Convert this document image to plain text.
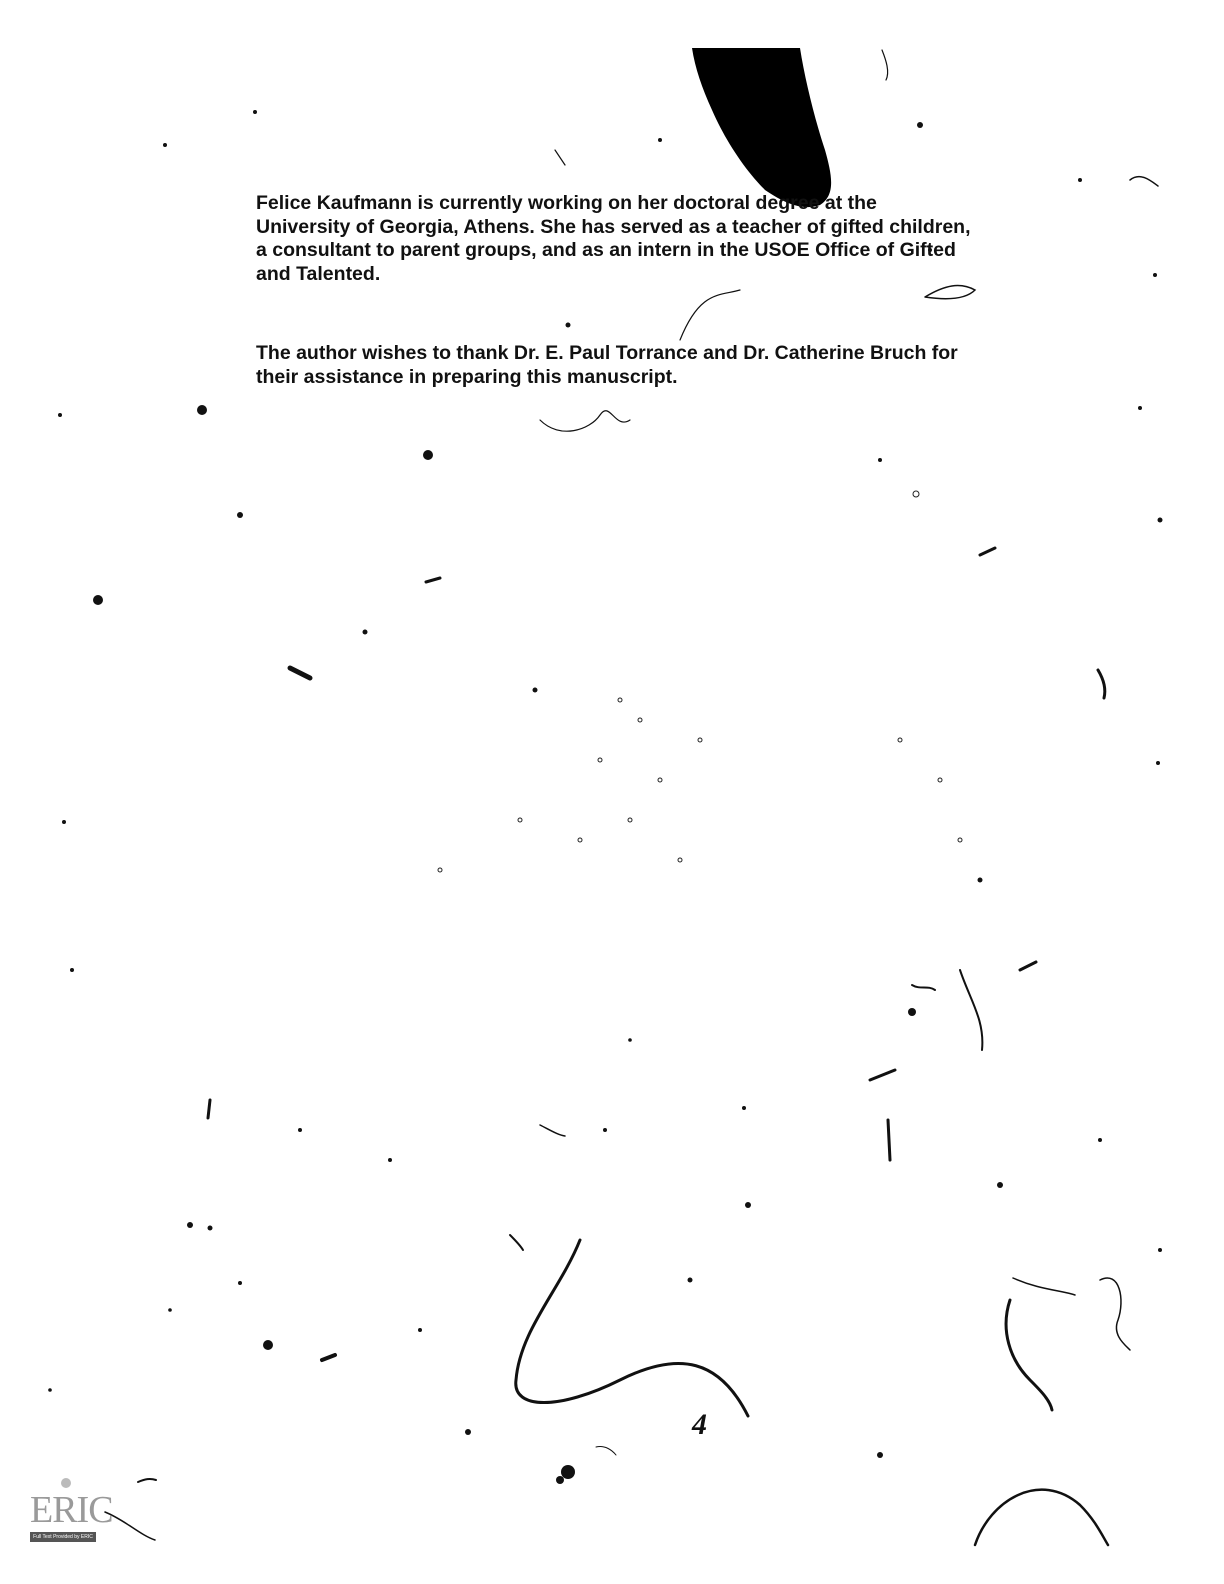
Felice Kaufmann is currently working on her doctoral degree at the University of Georgia, Athens. She has served as a teacher of gifted children, a consultant to parent groups, and as an intern in the USOE Office of Gifted and Talented.

The author wishes to thank Dr. E. Paul Torrance and Dr. Catherine Bruch for their assistance in preparing this manuscript.

4
ERIC
Full Text Provided by ERIC
